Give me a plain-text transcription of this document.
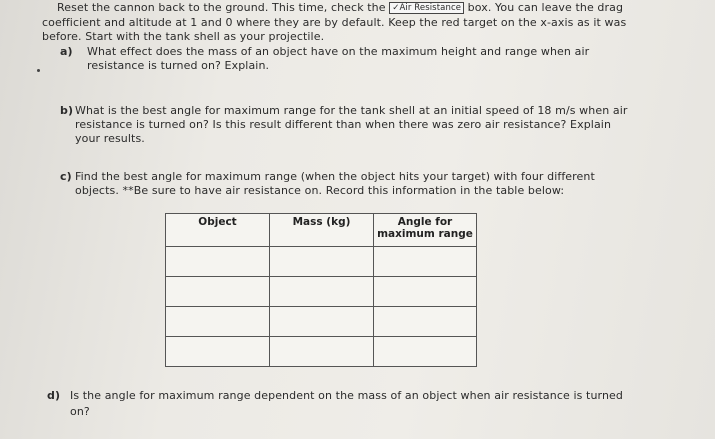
Reset the cannon back to the ground. This time, check the ✓Air Resistance box. You can leave the drag
coefficient and altitude at 1 and 0 where they are by default. Keep the red target on the x-axis as it was
before. Start with the tank shell as your projectile.
a) What effect does the mass of an object have on the maximum height and range when air
resistance is turned on? Explain.
b) What is the best angle for maximum range for the tank shell at an initial speed of 18 m/s when air
resistance is turned on? Is this result different than when there was zero air resistance? Explain
your results.
c) Find the best angle for maximum range (when the object hits your target) with four different
objects. **Be sure to have air resistance on. Record this information in the table below:
Object	Mass (kg)	Angle for
maximum range

d) Is the angle for maximum range dependent on the mass of an object when air resistance is turned
on?
